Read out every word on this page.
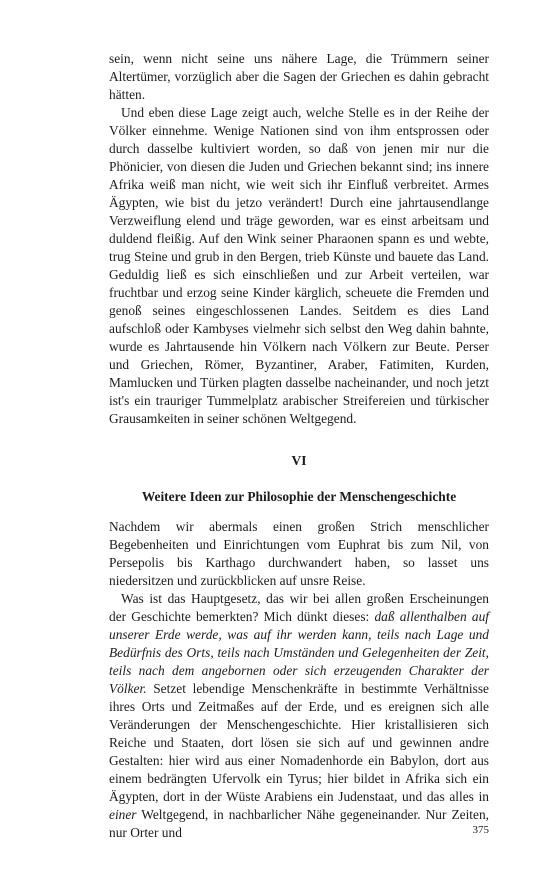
sein, wenn nicht seine uns nähere Lage, die Trümmern seiner Altertümer, vorzüglich aber die Sagen der Griechen es dahin gebracht hätten.

Und eben diese Lage zeigt auch, welche Stelle es in der Reihe der Völker einnehme. Wenige Nationen sind von ihm entsprossen oder durch dasselbe kultiviert worden, so daß von jenen mir nur die Phönicier, von diesen die Juden und Griechen bekannt sind; ins innere Afrika weiß man nicht, wie weit sich ihr Einfluß verbreitet. Armes Ägypten, wie bist du jetzo verändert! Durch eine jahrtausendlange Verzweiflung elend und träge geworden, war es einst arbeitsam und duldend fleißig. Auf den Wink seiner Pharaonen spann es und webte, trug Steine und grub in den Bergen, trieb Künste und bauete das Land. Geduldig ließ es sich einschließen und zur Arbeit verteilen, war fruchtbar und erzog seine Kinder kärglich, scheuete die Fremden und genoß seines eingeschlossenen Landes. Seitdem es dies Land aufschloß oder Kambyses vielmehr sich selbst den Weg dahin bahnte, wurde es Jahrtausende hin Völkern nach Völkern zur Beute. Perser und Griechen, Römer, Byzantiner, Araber, Fatimiten, Kurden, Mamlucken und Türken plagten dasselbe nacheinander, und noch jetzt ist's ein trauriger Tummelplatz arabischer Streifereien und türkischer Grausamkeiten in seiner schönen Weltgegend.

VI
Weitere Ideen zur Philosophie der Menschengeschichte

Nachdem wir abermals einen großen Strich menschlicher Begebenheiten und Einrichtungen vom Euphrat bis zum Nil, von Persepolis bis Karthago durchwandert haben, so lasset uns niedersitzen und zurückblicken auf unsre Reise.

Was ist das Hauptgesetz, das wir bei allen großen Erscheinungen der Geschichte bemerkten? Mich dünkt dieses: daß allenthalben auf unserer Erde werde, was auf ihr werden kann, teils nach Lage und Bedürfnis des Orts, teils nach Umständen und Gelegenheiten der Zeit, teils nach dem angebornen oder sich erzeugenden Charakter der Völker. Setzet lebendige Menschenkräfte in bestimmte Verhältnisse ihres Orts und Zeitmaßes auf der Erde, und es ereignen sich alle Veränderungen der Menschengeschichte. Hier kristallisieren sich Reiche und Staaten, dort lösen sie sich auf und gewinnen andre Gestalten: hier wird aus einer Nomadenhorde ein Babylon, dort aus einem bedrängten Ufervolk ein Tyrus; hier bildet in Afrika sich ein Ägypten, dort in der Wüste Arabiens ein Judenstaat, und das alles in einer Weltgegend, in nachbarlicher Nähe gegeneinander. Nur Zeiten, nur Orter und	375
